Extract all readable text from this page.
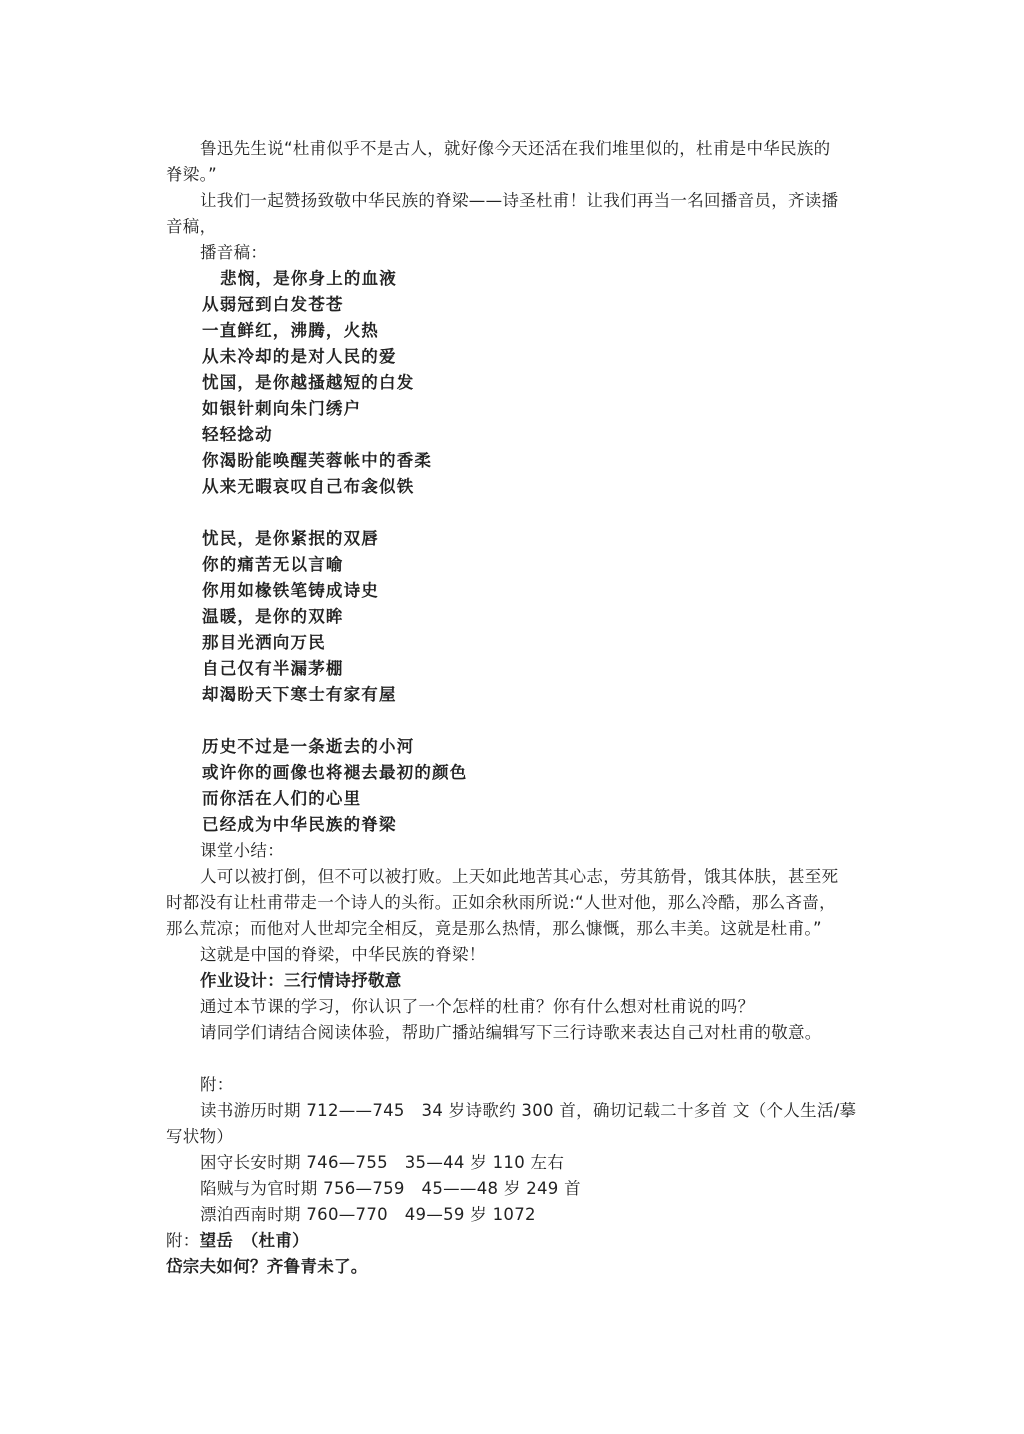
鲁迅先生说“杜甫似乎不是古人，就好像今天还活在我们堆里似的，杜甫是中华民族的
脊梁。”
让我们一起赞扬致敬中华民族的脊梁——诗圣杜甫！让我们再当一名回播音员，齐读播
音稿，
播音稿：
悲悯，是你身上的血液
从弱冠到白发苍苍
一直鲜红，沸腾，火热
从未冷却的是对人民的爱
忧国，是你越搔越短的白发
如银针刺向朱门绣户
轻轻捻动
你渴盼能唤醒芙蓉帐中的香柔
从来无暇哀叹自己布衾似铁
忧民，是你紧抿的双唇
你的痛苦无以言喻
你用如椽铁笔铸成诗史
温暖，是你的双眸
那目光洒向万民
自己仅有半漏茅棚
却渴盼天下寒士有家有屋
历史不过是一条逝去的小河
或许你的画像也将褪去最初的颜色
而你活在人们的心里
已经成为中华民族的脊梁
课堂小结：
人可以被打倒，但不可以被打败。上天如此地苦其心志，劳其筋骨，饿其体肤，甚至死
时都没有让杜甫带走一个诗人的头衔。正如余秋雨所说:“人世对他，那么冷酷，那么吝啬，
那么荒凉；而他对人世却完全相反，竟是那么热情，那么慷慨，那么丰美。这就是杜甫。”
这就是中国的脊梁，中华民族的脊梁！
作业设计：三行情诗抒敬意
通过本节课的学习，你认识了一个怎样的杜甫？你有什么想对杜甫说的吗？
请同学们请结合阅读体验，帮助广播站编辑写下三行诗歌来表达自己对杜甫的敬意。
附：
读书游历时期 712——745　34 岁诗歌约 300 首，确切记载二十多首 文（个人生活/摹
写状物）
困守长安时期 746—755　35—44 岁 110 左右
陷贼与为官时期 756—759　45——48 岁 249 首
漂泊西南时期 760—770　49—59 岁 1072
附：望岳　（杜甫）
岱宗夫如何？齐鲁青未了。
